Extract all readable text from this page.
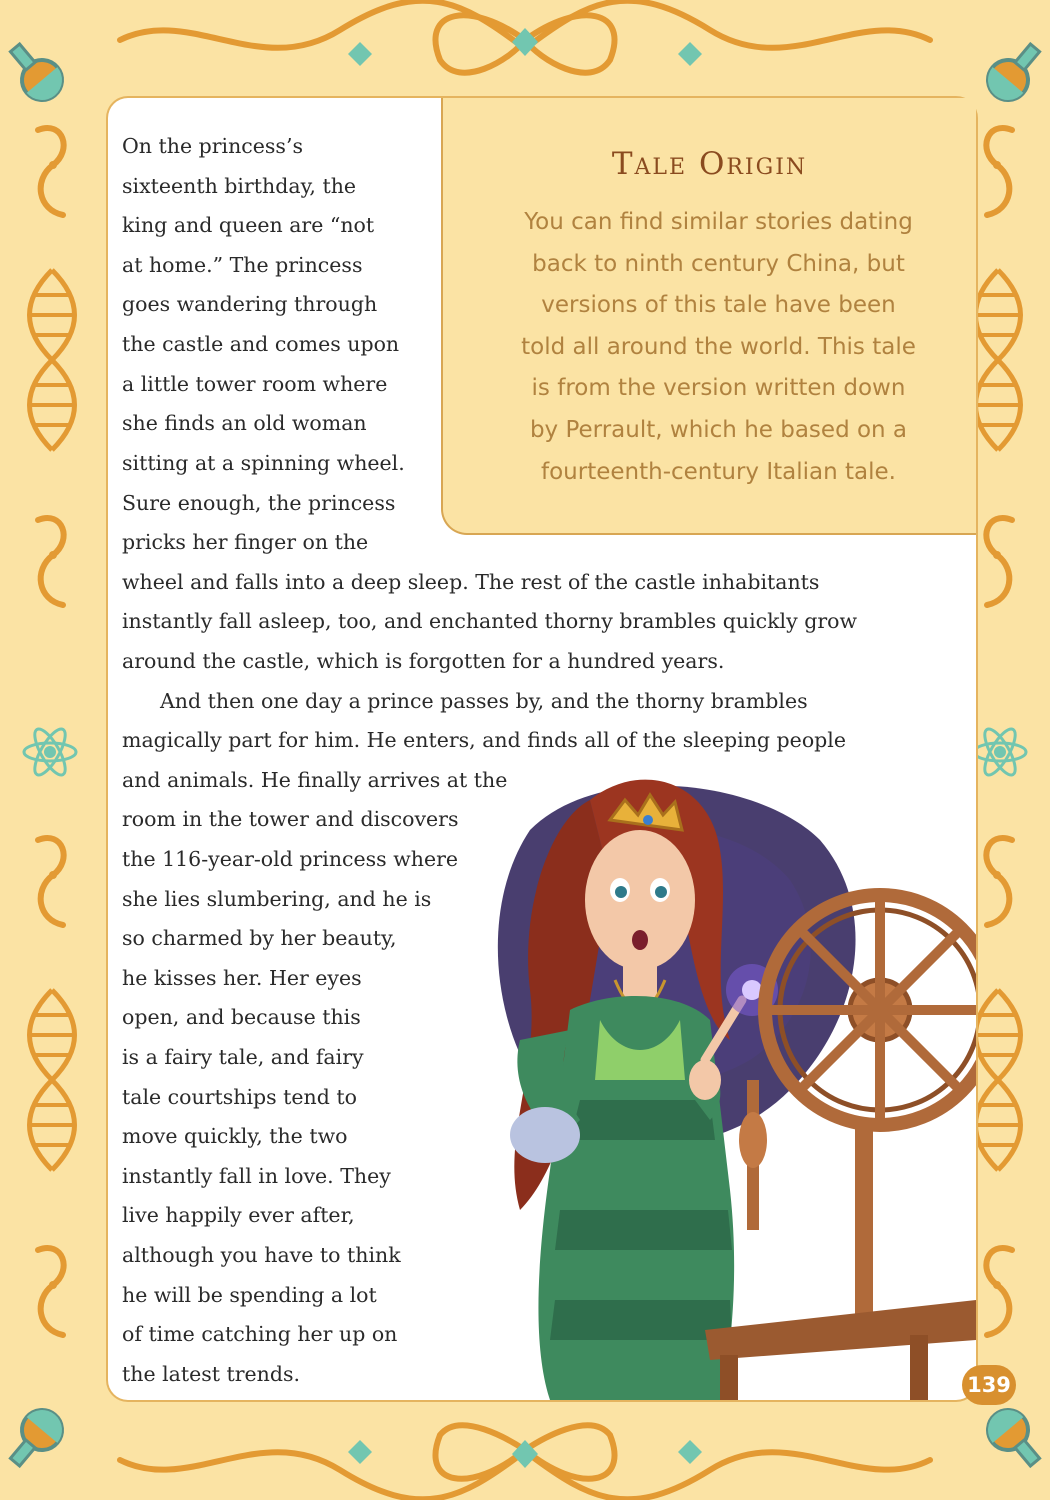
Tale Origin
You can find similar stories dating
back to ninth century China, but
versions of this tale have been
told all around the world. This tale
is from the version written down
by Perrault, which he based on a
fourteenth-century Italian tale.
On the princess’s
sixteenth birthday, the
king and queen are “not
at home.” The princess
goes wandering through
the castle and comes upon
a little tower room where
she finds an old woman
sitting at a spinning wheel.
Sure enough, the princess
pricks her finger on the
wheel and falls into a deep sleep. The rest of the castle inhabitants
instantly fall asleep, too, and enchanted thorny brambles quickly grow
around the castle, which is forgotten for a hundred years.
And then one day a prince passes by, and the thorny brambles
magically part for him. He enters, and finds all of the sleeping people
and animals. He finally arrives at the
room in the tower and discovers
the 116-year-old princess where
she lies slumbering, and he is
so charmed by her beauty,
he kisses her. Her eyes
open, and because this
is a fairy tale, and fairy
tale courtships tend to
move quickly, the two
instantly fall in love. They
live happily ever after,
although you have to think
he will be spending a lot
of time catching her up on
the latest trends.	139
